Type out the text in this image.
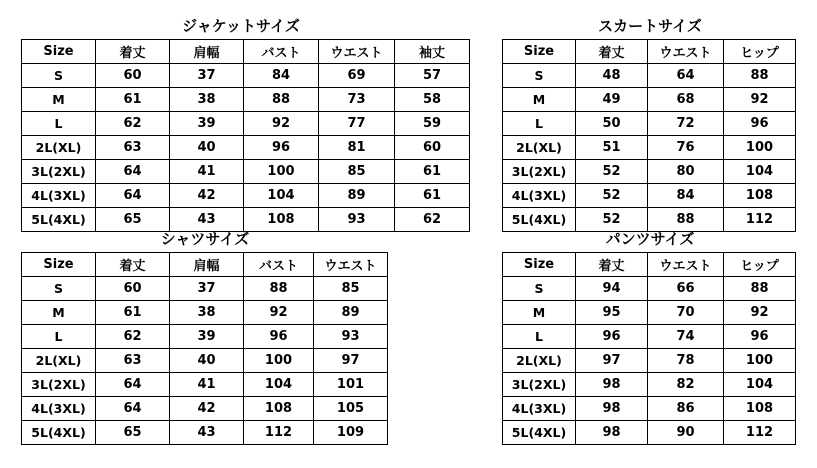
ジャケットサイズ
Size	着丈	肩幅	バスト	ウエスト	袖丈
S	60	37	84	69	57
M	61	38	88	73	58
L	62	39	92	77	59
2L(XL)	63	40	96	81	60
3L(2XL)	64	41	100	85	61
4L(3XL)	64	42	104	89	61
5L(4XL)	65	43	108	93	62
スカートサイズ
Size	着丈	ウエスト	ヒップ
S	48	64	88
M	49	68	92
L	50	72	96
2L(XL)	51	76	100
3L(2XL)	52	80	104
4L(3XL)	52	84	108
5L(4XL)	52	88	112
シャツサイズ
Size	着丈	肩幅	バスト	ウエスト
S	60	37	88	85
M	61	38	92	89
L	62	39	96	93
2L(XL)	63	40	100	97
3L(2XL)	64	41	104	101
4L(3XL)	64	42	108	105
5L(4XL)	65	43	112	109
パンツサイズ
Size	着丈	ウエスト	ヒップ
S	94	66	88
M	95	70	92
L	96	74	96
2L(XL)	97	78	100
3L(2XL)	98	82	104
4L(3XL)	98	86	108
5L(4XL)	98	90	112
